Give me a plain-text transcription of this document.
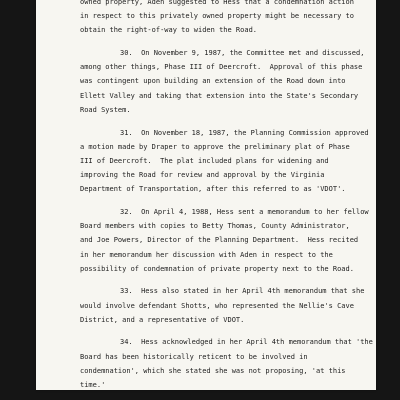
owned property, Aden suggested to Hess that a condemnation action
in respect to this privately owned property might be necessary to
obtain the right-of-way to widen the Road.
30.  On November 9, 1987, the Committee met and discussed,
among other things, Phase III of Deercroft.  Approval of this phase
was contingent upon building an extension of the Road down into
Ellett Valley and taking that extension into the State's Secondary
Road System.
31.  On November 18, 1987, the Planning Commission approved
a motion made by Draper to approve the preliminary plat of Phase
III of Deercroft.  The plat included plans for widening and
improving the Road for review and approval by the Virginia
Department of Transportation, after this referred to as 'VDOT'.
32.  On April 4, 1988, Hess sent a memorandum to her fellow
Board members with copies to Betty Thomas, County Administrator,
and Joe Powers, Director of the Planning Department.  Hess recited
in her memorandum her discussion with Aden in respect to the
possibility of condemnation of private property next to the Road.
33.  Hess also stated in her April 4th memorandum that she
would involve defendant Shotts, who represented the Nellie's Cave
District, and a representative of VDOT.
34.  Hess acknowledged in her April 4th memorandum that 'the
Board has been historically reticent to be involved in
condemnation', which she stated she was not proposing, 'at this
time.'
